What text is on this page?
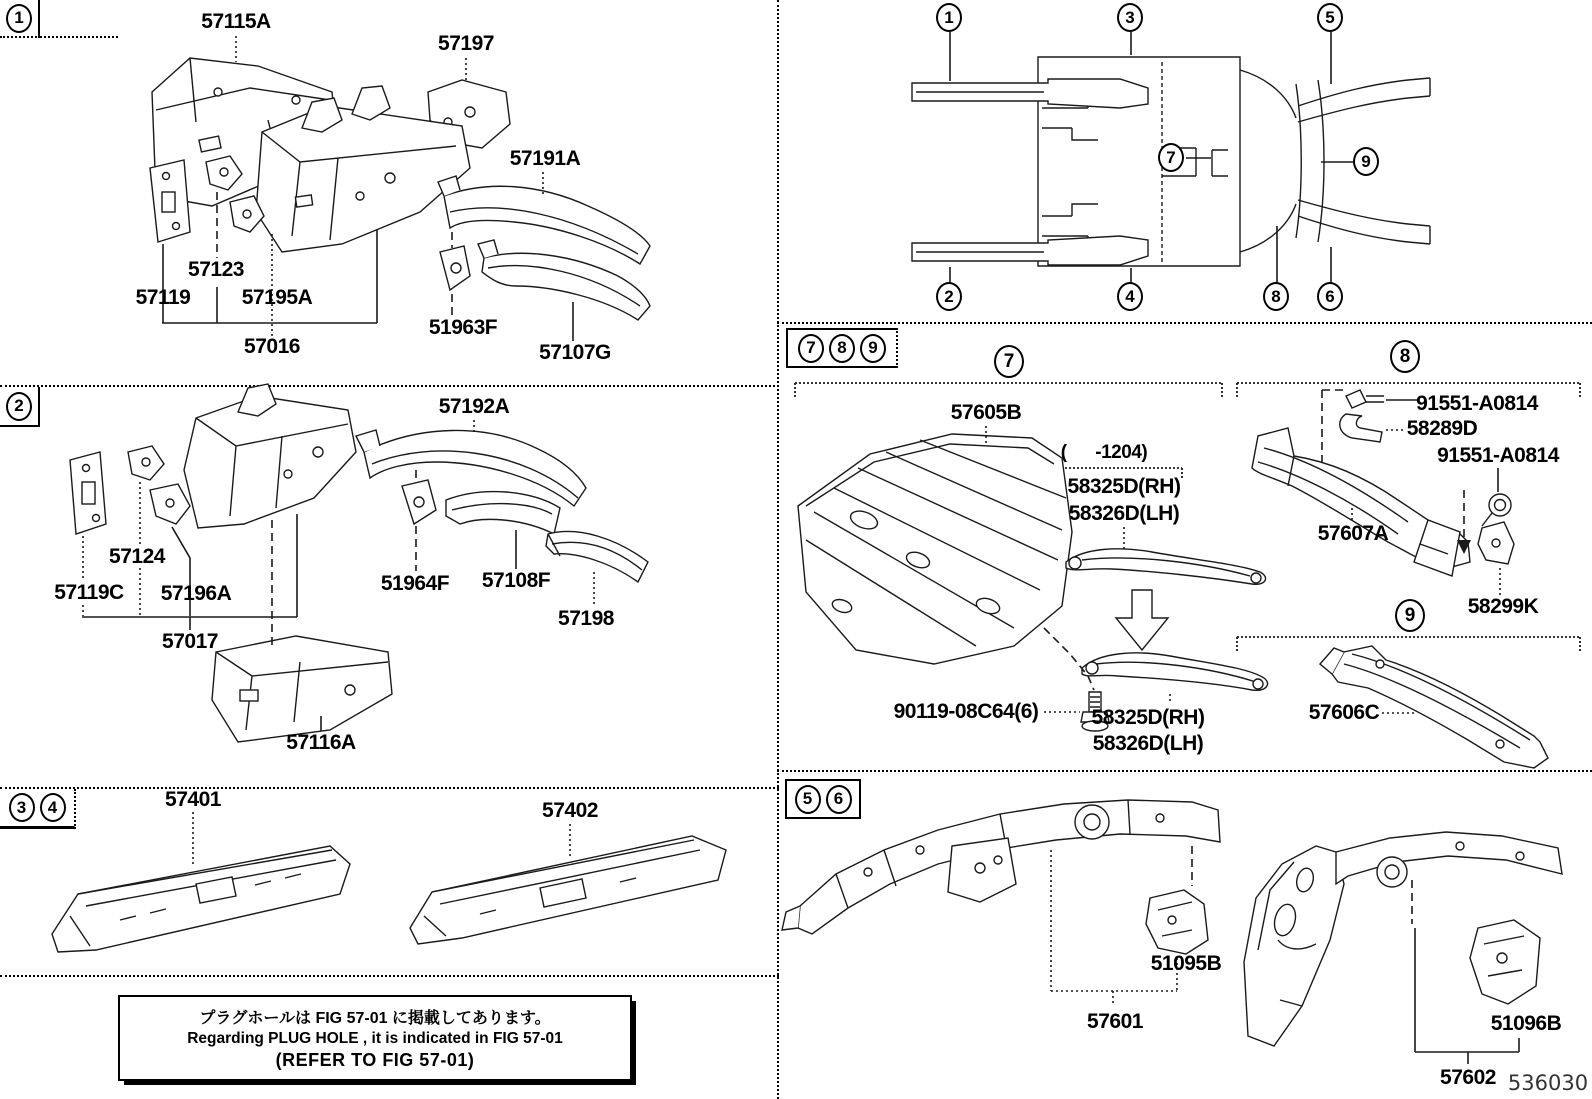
1
2
3 4
7 8 9
5 6
57115A
57197
57191A
57123
57119 57195A
57016
51963F
57107G
57192A
57124
57119C 57196A
57017
51964F 57108F
57198
57116A
57401	57402
57605B
(      -1204)
58325D(RH)
58326D(LH)
90119-08C64(6)	58325D(RH)
58326D(LH)
91551-A0814
58289D
91551-A0814
57607A
58299K
57606C
51095B
57601	51096B
57602
1	3	5
7	9
2	4	8	6
7	8
9
プラグホールは FIG 57-01 に掲載してあります。
Regarding PLUG HOLE , it is indicated in FIG 57-01
(REFER TO FIG 57-01)
536030
